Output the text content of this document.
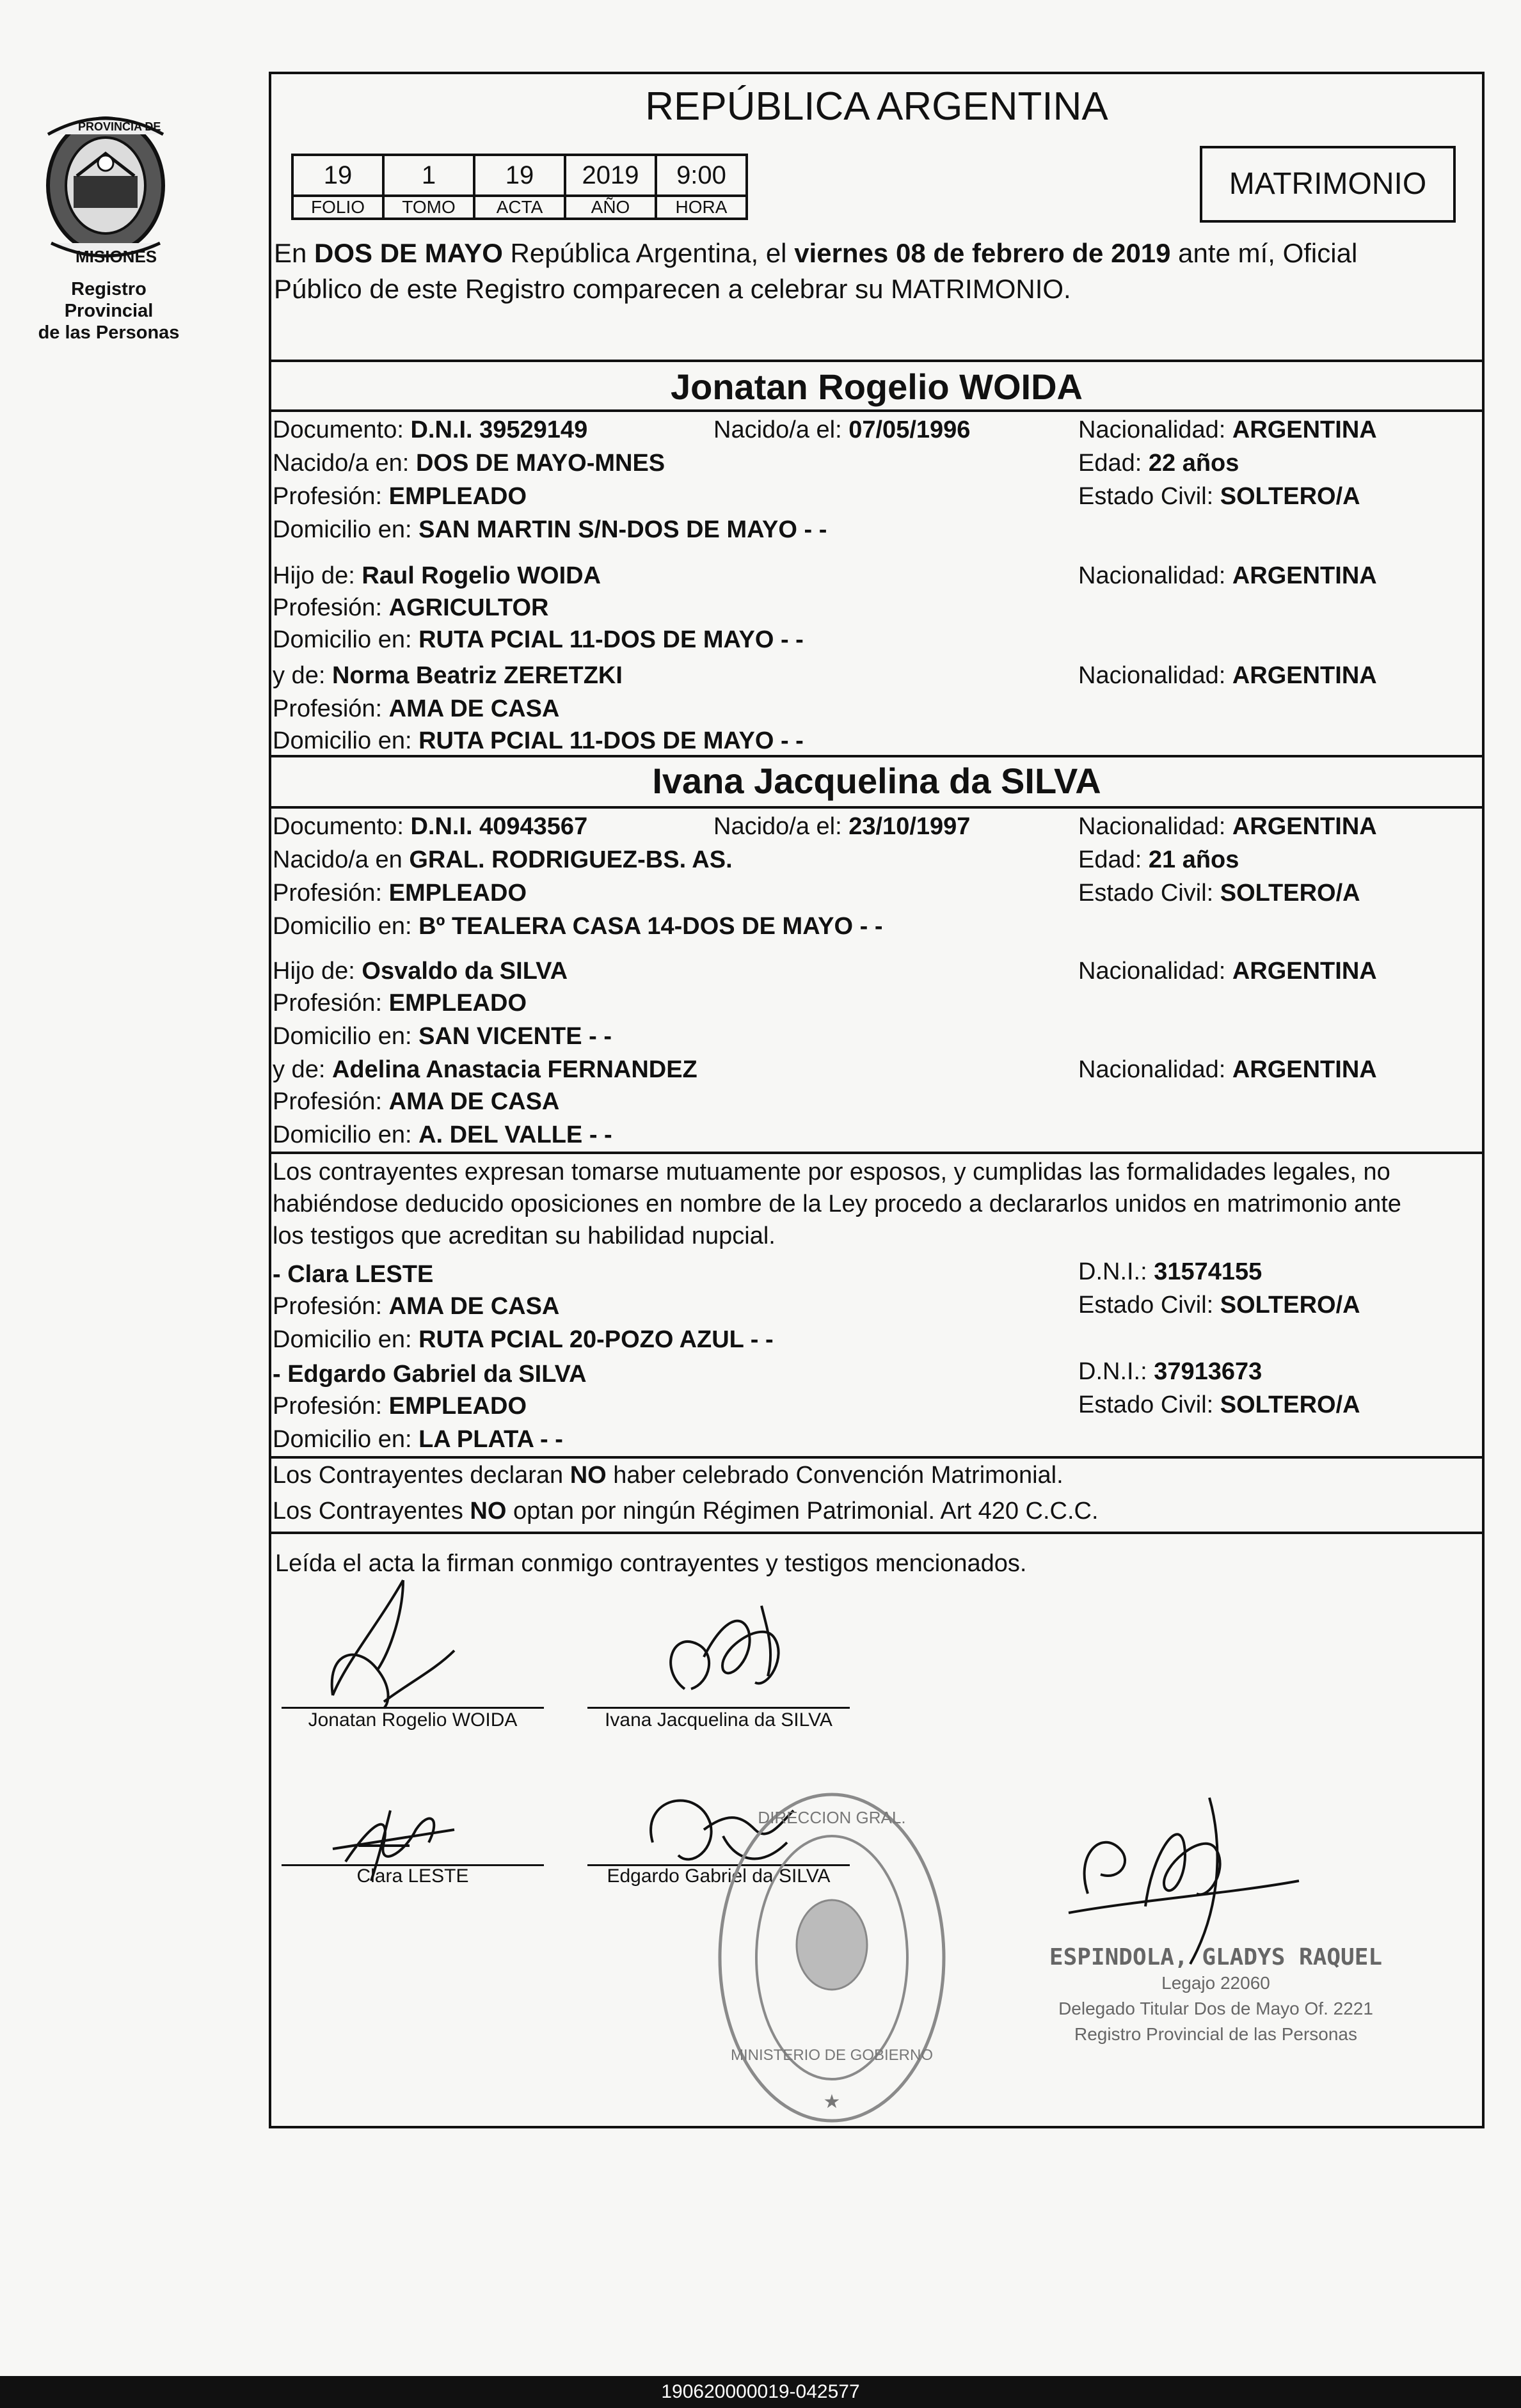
PROVINCIA DE
MISIONES
Registro Provincial
de las Personas
REPÚBLICA ARGENTINA
19	1	19	2019	9:00
FOLIO	TOMO	ACTA	AÑO	HORA
MATRIMONIO
En DOS DE MAYO República Argentina, el viernes 08 de febrero de 2019 ante mí, Oficial
Público de este Registro comparecen a celebrar su MATRIMONIO.
Jonatan Rogelio WOIDA
Documento: D.N.I. 39529149	Nacido/a el: 07/05/1996	Nacionalidad: ARGENTINA
Nacido/a en: DOS DE MAYO-MNES	Edad: 22 años
Profesión: EMPLEADO	Estado Civil: SOLTERO/A
Domicilio en: SAN MARTIN S/N-DOS DE MAYO - -
Hijo de: Raul Rogelio WOIDA	Nacionalidad: ARGENTINA
Profesión: AGRICULTOR
Domicilio en: RUTA PCIAL 11-DOS DE MAYO - -
y de: Norma Beatriz ZERETZKI	Nacionalidad: ARGENTINA
Profesión: AMA DE CASA
Domicilio en: RUTA PCIAL 11-DOS DE MAYO - -
Ivana Jacquelina da SILVA
Documento: D.N.I. 40943567	Nacido/a el: 23/10/1997	Nacionalidad: ARGENTINA
Nacido/a en GRAL. RODRIGUEZ-BS. AS.	Edad: 21 años
Profesión: EMPLEADO	Estado Civil: SOLTERO/A
Domicilio en: Bº TEALERA CASA 14-DOS DE MAYO - -
Hijo de: Osvaldo da SILVA	Nacionalidad: ARGENTINA
Profesión: EMPLEADO
Domicilio en: SAN VICENTE - -
y de: Adelina Anastacia FERNANDEZ	Nacionalidad: ARGENTINA
Profesión: AMA DE CASA
Domicilio en: A. DEL VALLE - -
Los contrayentes expresan tomarse mutuamente por esposos, y cumplidas las formalidades legales, no
habiéndose deducido oposiciones en nombre de la Ley procedo a declararlos unidos en matrimonio ante
los testigos que acreditan su habilidad nupcial.
- Clara LESTE	D.N.I.: 31574155
Profesión: AMA DE CASA	Estado Civil: SOLTERO/A
Domicilio en: RUTA PCIAL 20-POZO AZUL - -
- Edgardo Gabriel da SILVA	D.N.I.: 37913673
Profesión: EMPLEADO	Estado Civil: SOLTERO/A
Domicilio en: LA PLATA - -
Los Contrayentes declaran NO haber celebrado Convención Matrimonial.
Los Contrayentes NO optan por ningún Régimen Patrimonial. Art 420 C.C.C.
Leída el acta la firman conmigo contrayentes y testigos mencionados.
Jonatan Rogelio WOIDA	Ivana Jacquelina da SILVA
Clara LESTE	Edgardo Gabriel da SILVA
DIRECCION GRAL.
MINISTERIO DE GOBIERNO
★
ESPINDOLA, GLADYS RAQUEL
Legajo 22060
Delegado Titular Dos de Mayo Of. 2221
Registro Provincial de las Personas
190620000019-042577
